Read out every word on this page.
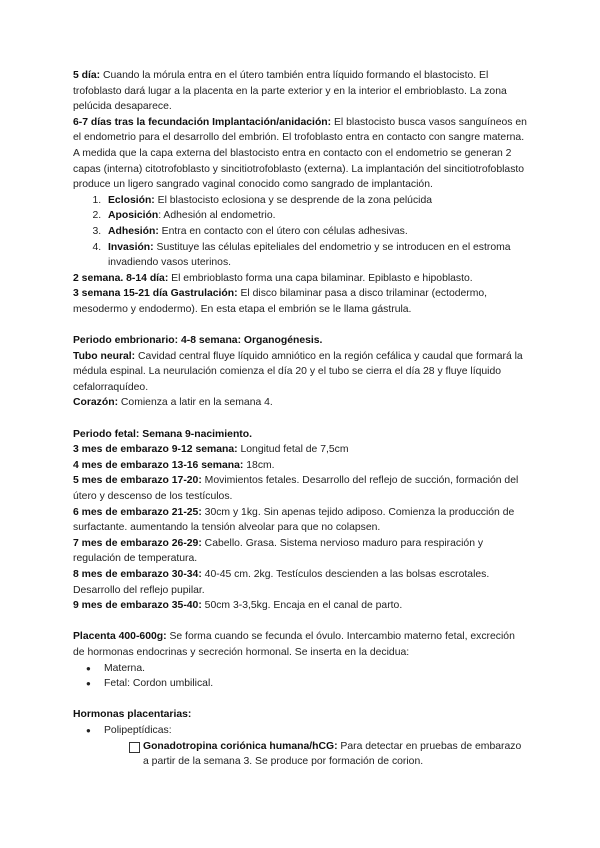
5 día: Cuando la mórula entra en el útero también entra líquido formando el blastocisto. El trofoblasto dará lugar a la placenta en la parte exterior y en la interior el embrioblasto. La zona pelúcida desaparece.

6-7 días tras la fecundación Implantación/anidación: El blastocisto busca vasos sanguíneos en el endometrio para el desarrollo del embrión. El trofoblasto entra en contacto con sangre materna. A medida que la capa externa del blastocisto entra en contacto con el endometrio se generan 2 capas (interna) citotrofoblasto y sincitiotrofoblasto (externa). La implantación del sincitiotrofoblasto produce un ligero sangrado vaginal conocido como sangrado de implantación.

1. Eclosión: El blastocisto eclosiona y se desprende de la zona pelúcida
2. Aposición: Adhesión al endometrio.
3. Adhesión: Entra en contacto con el útero con células adhesivas.
4. Invasión: Sustituye las células epiteliales del endometrio y se introducen en el estroma invadiendo vasos uterinos.

2 semana. 8-14 día: El embrioblasto forma una capa bilaminar. Epiblasto e hipoblasto.

3 semana 15-21 día Gastrulación: El disco bilaminar pasa a disco trilaminar (ectodermo, mesodermo y endodermo). En esta etapa el embrión se le llama gástrula.

Periodo embrionario: 4-8 semana: Organogénesis.

Tubo neural: Cavidad central fluye líquido amniótico en la región cefálica y caudal que formará la médula espinal. La neurulación comienza el día 20 y el tubo se cierra el día 28 y fluye líquido cefalorraquídeo.

Corazón: Comienza a latir en la semana 4.

Periodo fetal: Semana 9-nacimiento.

3 mes de embarazo 9-12 semana: Longitud fetal de 7,5cm

4 mes de embarazo 13-16 semana: 18cm.

5 mes de embarazo 17-20: Movimientos fetales. Desarrollo del reflejo de succión, formación del útero y descenso de los testículos.

6 mes de embarazo 21-25: 30cm y 1kg. Sin apenas tejido adiposo. Comienza la producción de surfactante. aumentando la tensión alveolar para que no colapsen.

7 mes de embarazo 26-29: Cabello. Grasa. Sistema nervioso maduro para respiración y regulación de temperatura.

8 mes de embarazo 30-34: 40-45 cm. 2kg. Testículos descienden a las bolsas escrotales. Desarrollo del reflejo pupilar.

9 mes de embarazo 35-40: 50cm 3-3,5kg. Encaja en el canal de parto.

Placenta 400-600g: Se forma cuando se fecunda el óvulo. Intercambio materno fetal, excreción de hormonas endocrinas y secreción hormonal. Se inserta en la decidua:

● Materna.
● Fetal: Cordon umbilical.

Hormonas placentarias:

● Polipeptídicas:
Gonadotropina coriónica humana/hCG: Para detectar en pruebas de embarazo a partir de la semana 3. Se produce por formación de corion.
